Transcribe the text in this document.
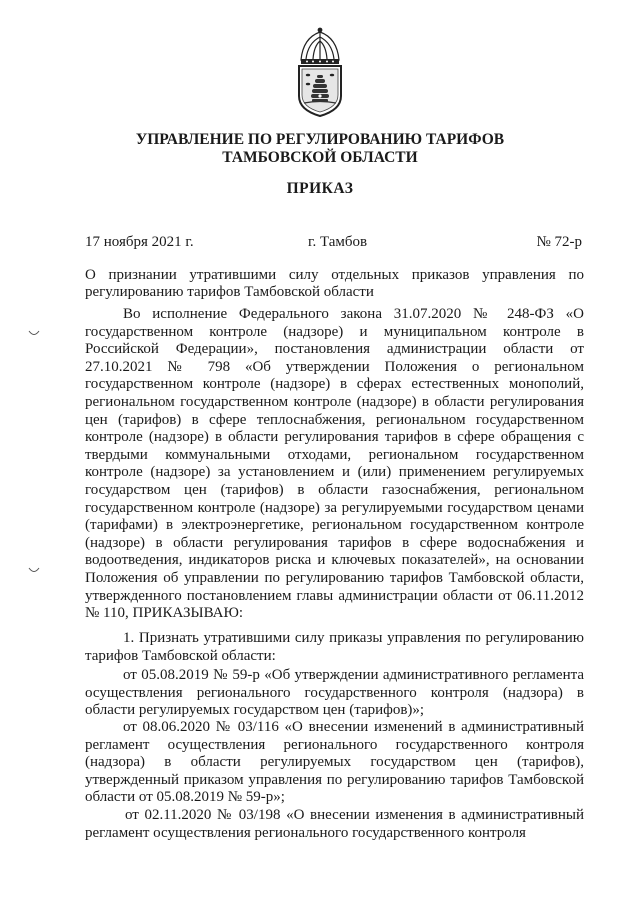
УПРАВЛЕНИЕ ПО РЕГУЛИРОВАНИЮ ТАРИФОВ
ТАМБОВСКОЙ ОБЛАСТИ
ПРИКАЗ
17 ноября 2021 г.	г. Тамбов	№ 72-р
О признании утратившими силу отдельных приказов управления по регулированию тарифов Тамбовской области

Во исполнение Федерального закона 31.07.2020 № 248-ФЗ «О государственном контроле (надзоре) и муниципальном контроле в Российской Федерации», постановления администрации области от 27.10.2021 № 798 «Об утверждении Положения о региональном государственном контроле (надзоре) в сферах естественных монополий, региональном государственном контроле (надзоре) в области регулирования цен (тарифов) в сфере теплоснабжения, региональном государственном контроле (надзоре) в области регулирования тарифов в сфере обращения с твердыми коммунальными отходами, региональном государственном контроле (надзоре) за установлением и (или) применением регулируемых государством цен (тарифов) в области газоснабжения, региональном государственном контроле (надзоре) за регулируемыми государством ценами (тарифами) в электроэнергетике, региональном государственном контроле (надзоре) в области регулирования тарифов в сфере водоснабжения и водоотведения, индикаторов риска и ключевых показателей», на основании Положения об управлении по регулированию тарифов Тамбовской области, утвержденного постановлением главы администрации области от 06.11.2012 № 110, ПРИКАЗЫВАЮ:

1. Признать утратившими силу приказы управления по регулированию тарифов Тамбовской области:

от 05.08.2019 № 59-р «Об утверждении административного регламента осуществления регионального государственного контроля (надзора) в области регулируемых государством цен (тарифов)»;

от 08.06.2020 № 03/116 «О внесении изменений в административный регламент осуществления регионального государственного контроля (надзора) в области регулируемых государством цен (тарифов), утвержденный приказом управления по регулированию тарифов Тамбовской области от 05.08.2019 № 59-р»;

от 02.11.2020 № 03/198 «О внесении изменения в административный регламент осуществления регионального государственного контроля
